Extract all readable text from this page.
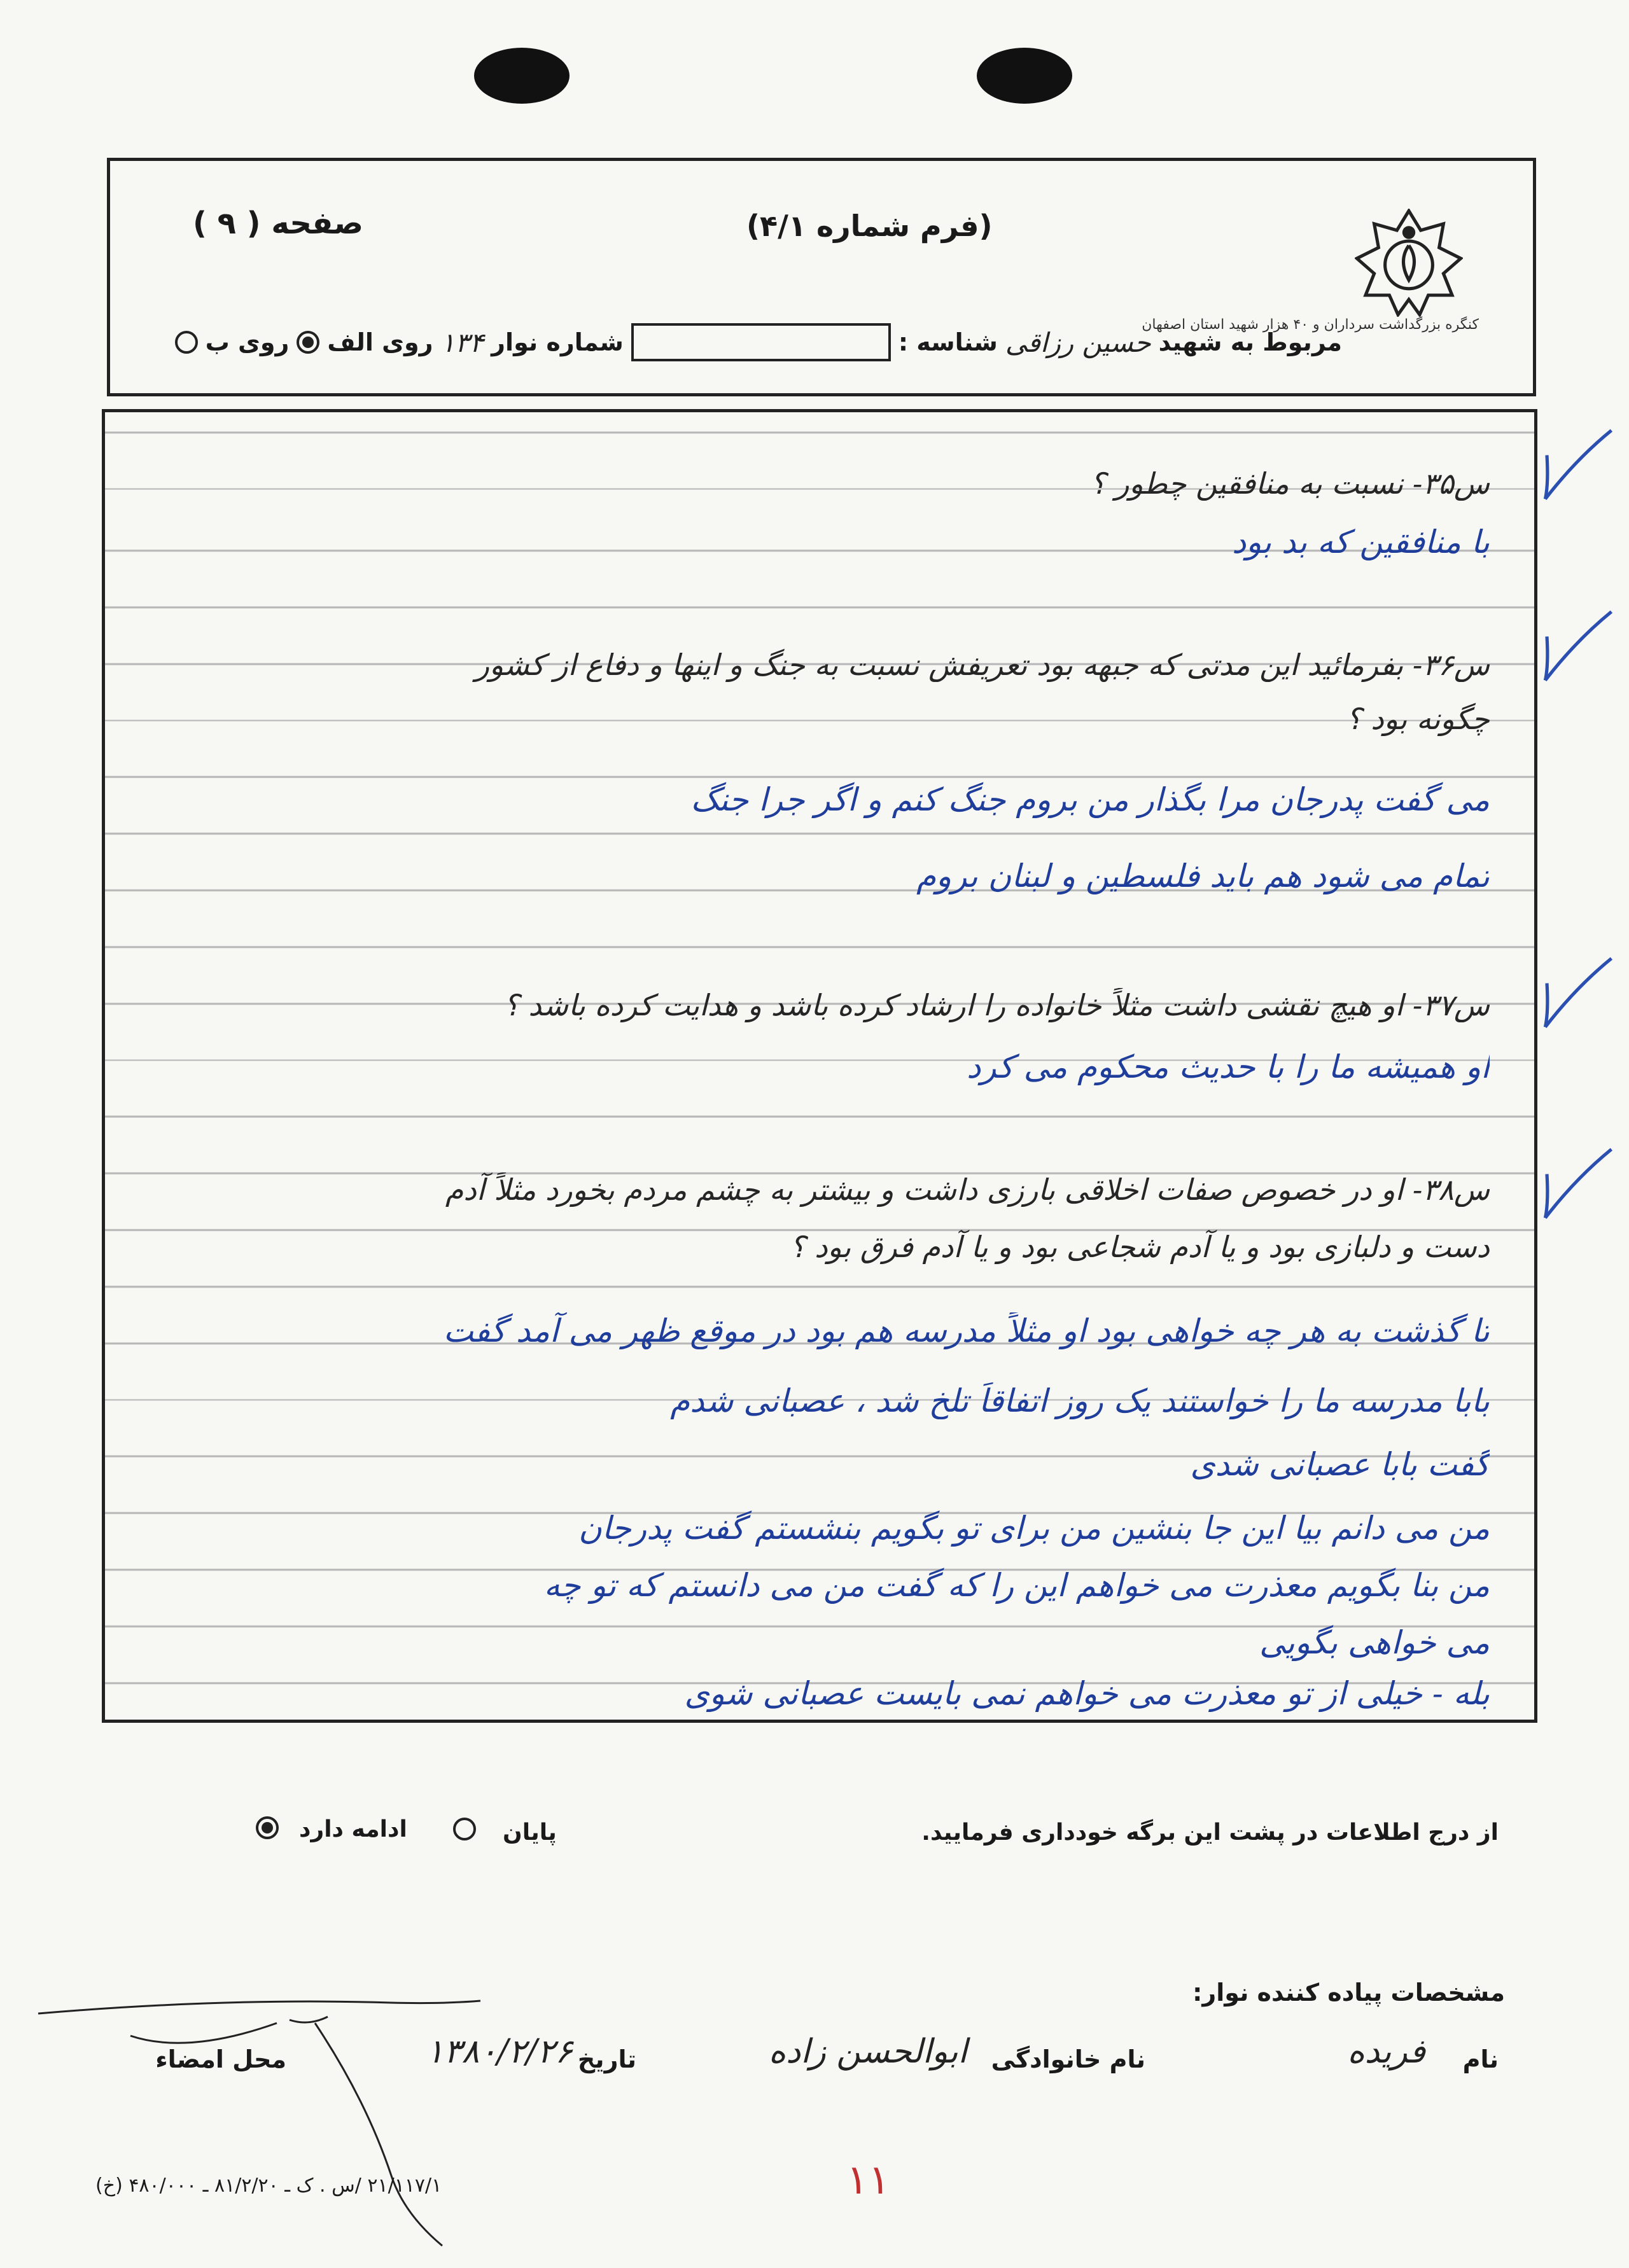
کنگره بزرگداشت سرداران و ۴۰ هزار شهید استان اصفهان
(فرم شماره ۴/۱)
صفحه ( ۹ )
مربوط به شهید
حسین رزاقی
شناسه :
شماره نوار
۱۳۴
روی الف
روی ب
س۳۵- نسبت به منافقین چطور ؟
با منافقین که بد بود
س۳۶- بفرمائید این مدتی که جبهه بود تعریفش نسبت به جنگ و اینها و دفاع از کشور
چگونه بود ؟
می گفت پدرجان مرا بگذار من بروم جنگ کنم و اگر جرا جنگ
تمام می شود هم باید فلسطین و لبنان بروم
س۳۷- او هیچ نقشی داشت مثلاً خانواده را ارشاد کرده باشد و هدایت کرده باشد ؟
او همیشه ما را با حدیث محکوم می کرد
س۳۸- او در خصوص صفات اخلاقی بارزی داشت و بیشتر به چشم مردم بخورد مثلاً آدم
دست و دلبازی بود و یا آدم شجاعی بود و یا آدم فرق بود ؟
تا گذشت به هر چه خواهی بود او مثلاً مدرسه هم بود در موقع ظهر می آمد گفت
بابا مدرسه ما را خواستند یک روز اتفاقاً تلخ شد ، عصبانی شدم
گفت بابا عصبانی شدی
من می دانم بیا این جا بنشین من برای تو بگویم بنشستم گفت پدرجان
من بنا بگویم معذرت می خواهم این را که گفت من می دانستم که تو چه
می خواهی بگویی
بله - خیلی از تو معذرت می خواهم نمی بایست عصبانی شوی
از درج اطلاعات در پشت این برگه خودداری فرمایید.
پایان
ادامه دارد
مشخصات پیاده کننده نوار:
نام
فریده
نام خانوادگی
ابوالحسن زاده
تاریخ
۱۳۸۰/۲/۲۶
محل امضاء
۲۱/۱۱۷/۱ /س . ک ـ ۸۱/۲/۲۰ ـ ۴۸۰/۰۰۰ (خ)	۱۱
